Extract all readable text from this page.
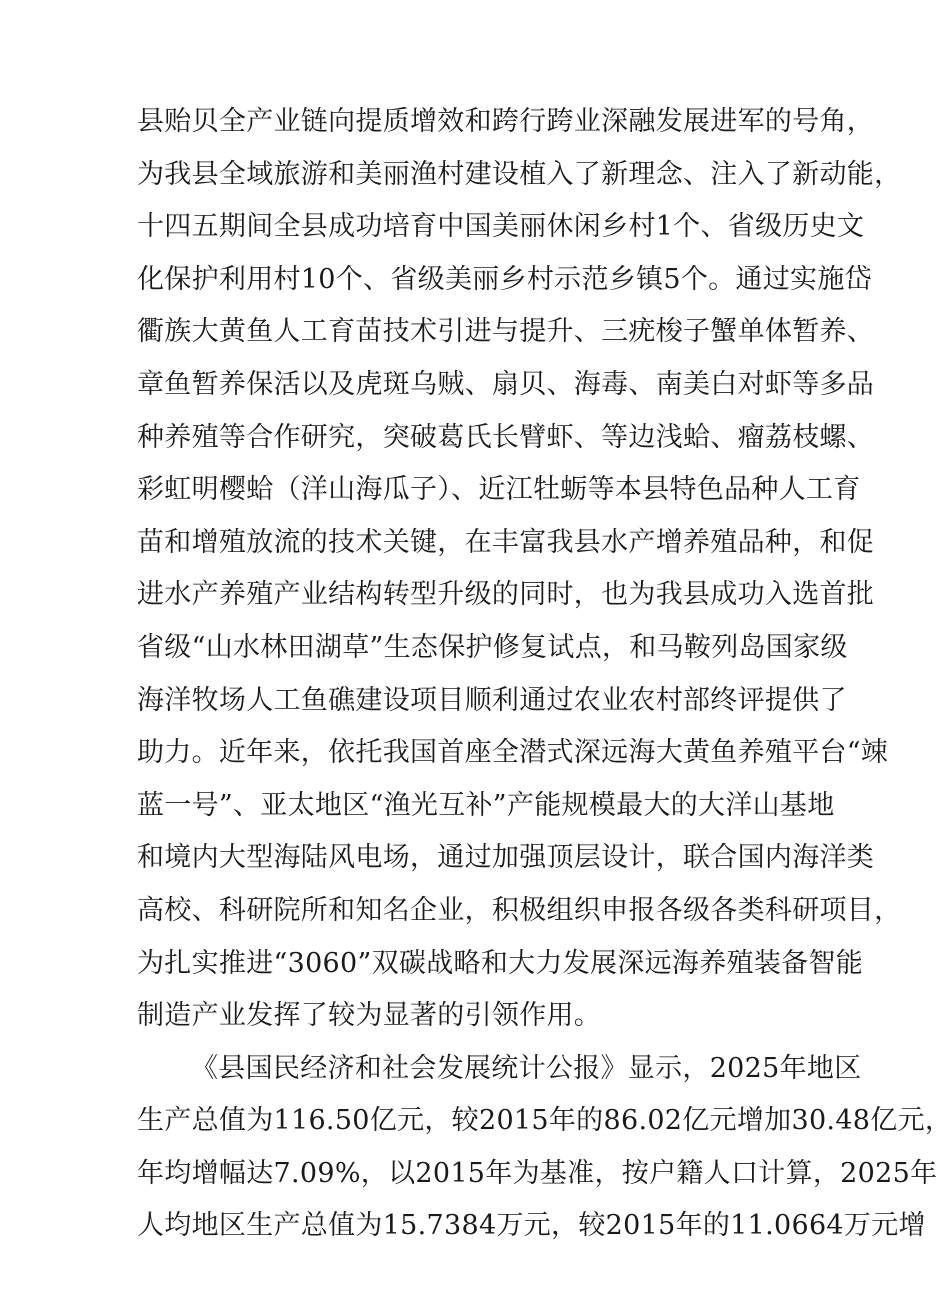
县贻贝全产业链向提质增效和跨行跨业深融发展进军的号角，
为我县全域旅游和美丽渔村建设植入了新理念、注入了新动能，
十四五期间全县成功培育中国美丽休闲乡村1个、省级历史文
化保护利用村10个、省级美丽乡村示范乡镇5个。通过实施岱
衢族大黄鱼人工育苗技术引进与提升、三疣梭子蟹单体暂养、
章鱼暂养保活以及虎斑乌贼、扇贝、海毒、南美白对虾等多品
种养殖等合作研究，突破葛氏长臂虾、等边浅蛤、瘤荔枝螺、
彩虹明樱蛤（洋山海瓜子）、近江牡蛎等本县特色品种人工育
苗和增殖放流的技术关键，在丰富我县水产增养殖品种，和促
进水产养殖产业结构转型升级的同时，也为我县成功入选首批
省级“山水林田湖草”生态保护修复试点，和马鞍列岛国家级
海洋牧场人工鱼礁建设项目顺利通过农业农村部终评提供了
助力。近年来，依托我国首座全潜式深远海大黄鱼养殖平台“竦
蓝一号”、亚太地区“渔光互补”产能规模最大的大洋山基地
和境内大型海陆风电场，通过加强顶层设计，联合国内海洋类
高校、科研院所和知名企业，积极组织申报各级各类科研项目，
为扎实推进“3060”双碳战略和大力发展深远海养殖装备智能
制造产业发挥了较为显著的引领作用。
《县国民经济和社会发展统计公报》显示，2025年地区
生产总值为116.50亿元，较2015年的86.02亿元增加30.48亿元，
年均增幅达7.09%，以2015年为基准，按户籍人口计算，2025年
人均地区生产总值为15.7384万元，较2015年的11.0664万元增
